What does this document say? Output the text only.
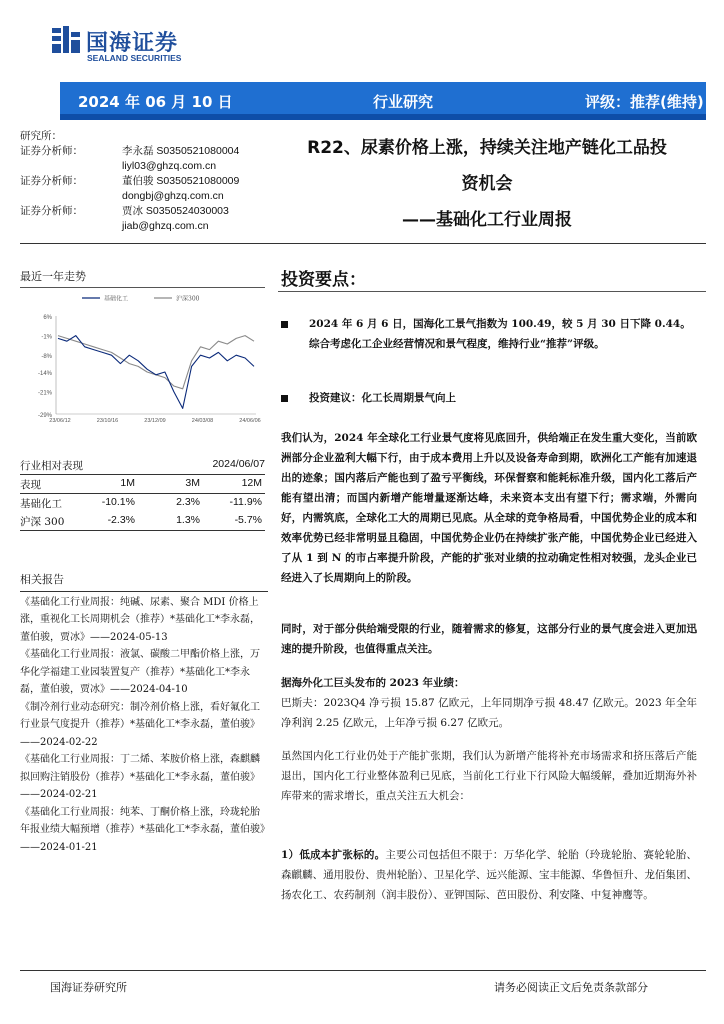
国海证券
SEALAND SECURITIES
2024 年 06 月 10 日	行业研究	评级：推荐(维持)
研究所：
证券分析师：	李永磊 S0350521080004
liyl03@ghzq.com.cn
证券分析师：	董伯骏 S0350521080009
dongbj@ghzq.com.cn
证券分析师：	贾冰 S0350524030003
jiab@ghzq.com.cn
R22、尿素价格上涨，持续关注地产链化工品投
资机会
——基础化工行业周报
最近一年走势
6%
-1%
-8%
-14%
-21%
-29%
23/06/12	23/10/16	23/12/09	24/03/08	24/06/06
基础化工	沪深300
行业相对表现	2024/06/07
表现	1M	3M	12M
基础化工	-10.1%	2.3%	-11.9%
沪深 300	-2.3%	1.3%	-5.7%
相关报告

《基础化工行业周报：纯碱、尿素、聚合 MDI 价格上涨，重视化工长周期机会（推荐）*基础化工*李永磊，董伯骏，贾冰》——2024-05-13

《基础化工行业周报：液氯、碳酸二甲酯价格上涨，万华化学福建工业园装置复产（推荐）*基础化工*李永磊，董伯骏，贾冰》——2024-04-10

《制冷剂行业动态研究：制冷剂价格上涨，看好氟化工行业景气度提升（推荐）*基础化工*李永磊，董伯骏》——2024-02-22

《基础化工行业周报：丁二烯、苯胺价格上涨，森麒麟拟回购注销股份（推荐）*基础化工*李永磊，董伯骏》——2024-02-21

《基础化工行业周报：纯苯、丁酮价格上涨，玲珑轮胎年报业绩大幅预增（推荐）*基础化工*李永磊，董伯骏》——2024-01-21

投资要点：
2024 年 6 月 6 日，国海化工景气指数为 100.49，较 5 月 30 日下降 0.44。综合考虑化工企业经营情况和景气程度，维持行业“推荐”评级。
投资建议：化工长周期景气向上
我们认为，2024 年全球化工行业景气度将见底回升，供给端正在发生重大变化，当前欧洲部分企业盈利大幅下行，由于成本费用上升以及设备寿命到期，欧洲化工产能有加速退出的迹象；国内落后产能也到了盈亏平衡线，环保督察和能耗标准升级，国内化工落后产能有望出清；而国内新增产能增量逐渐达峰，未来资本支出有望下行；需求端，外需向好，内需筑底，全球化工大的周期已见底。从全球的竞争格局看，中国优势企业的成本和效率优势已经非常明显且稳固，中国优势企业仍在持续扩张产能，中国优势企业已经进入了从 1 到 N 的市占率提升阶段，产能的扩张对业绩的拉动确定性相对较强，龙头企业已经进入了长周期向上的阶段。
同时，对于部分供给端受限的行业，随着需求的修复，这部分行业的景气度会进入更加迅速的提升阶段，也值得重点关注。
据海外化工巨头发布的 2023 年业绩：
巴斯夫：2023Q4 净亏损 15.87 亿欧元，上年同期净亏损 48.47 亿欧元。2023 年全年净利润 2.25 亿欧元，上年净亏损 6.27 亿欧元。
虽然国内化工行业仍处于产能扩张期，我们认为新增产能将补充市场需求和挤压落后产能退出，国内化工行业整体盈利已见底，当前化工行业下行风险大幅缓解，叠加近期海外补库带来的需求增长，重点关注五大机会：
1）低成本扩张标的。主要公司包括但不限于：万华化学、轮胎（玲珑轮胎、赛轮轮胎、森麒麟、通用股份、贵州轮胎）、卫星化学、远兴能源、宝丰能源、华鲁恒升、龙佰集团、扬农化工、农药制剂（润丰股份）、亚钾国际、芭田股份、利安隆、中复神鹰等。
国海证券研究所	请务必阅读正文后免责条款部分
